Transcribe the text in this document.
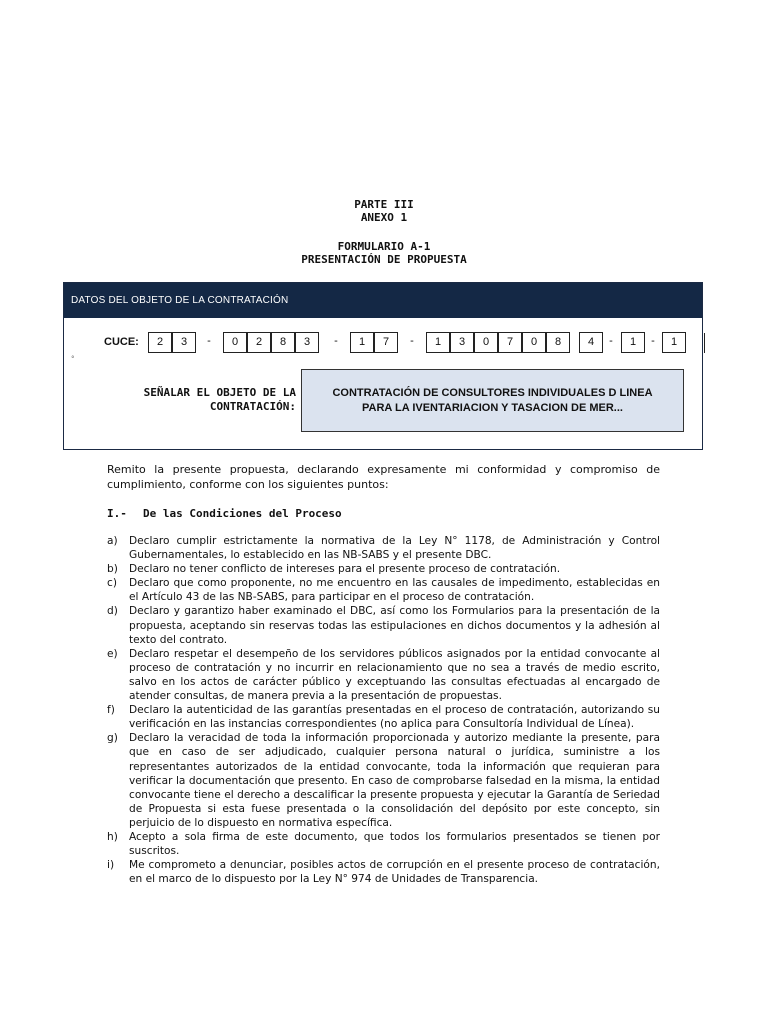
PARTE III
ANEXO 1
FORMULARIO A-1
PRESENTACIÓN DE PROPUESTA
DATOS DEL OBJETO DE LA CONTRATACIÓN
CUCE:	2	3	-	0	2	8	3	-	1	7	-	1	3	0	7	0	8	4	-	1	-	1
°
SEÑALAR EL OBJETO DE LA
CONTRATACIÓN:
CONTRATACIÓN DE CONSULTORES INDIVIDUALES D LINEA
PARA LA IVENTARIACION Y TASACION DE MER...
Remito la presente propuesta, declarando expresamente mi conformidad y compromiso de cumplimiento, conforme con los siguientes puntos:
I.- De las Condiciones del Proceso
a)	Declaro cumplir estrictamente la normativa de la Ley N° 1178, de Administración y Control Gubernamentales, lo establecido en las NB-SABS y el presente DBC.
b)	Declaro no tener conflicto de intereses para el presente proceso de contratación.
c)	Declaro que como proponente, no me encuentro en las causales de impedimento, establecidas en el Artículo 43 de las NB-SABS, para participar en el proceso de contratación.
d)	Declaro y garantizo haber examinado el DBC, así como los Formularios para la presentación de la propuesta, aceptando sin reservas todas las estipulaciones en dichos documentos y la adhesión al texto del contrato.
e)	Declaro respetar el desempeño de los servidores públicos asignados por la entidad convocante al proceso de contratación y no incurrir en relacionamiento que no sea a través de medio escrito, salvo en los actos de carácter público y exceptuando las consultas efectuadas al encargado de atender consultas, de manera previa a la presentación de propuestas.
f)	Declaro la autenticidad de las garantías presentadas en el proceso de contratación, autorizando su verificación en las instancias correspondientes (no aplica para Consultoría Individual de Línea).
g)	Declaro la veracidad de toda la información proporcionada y autorizo mediante la presente, para que en caso de ser adjudicado, cualquier persona natural o jurídica, suministre a los representantes autorizados de la entidad convocante, toda la información que requieran para verificar la documentación que presento. En caso de comprobarse falsedad en la misma, la entidad convocante tiene el derecho a descalificar la presente propuesta y ejecutar la Garantía de Seriedad de Propuesta si esta fuese presentada o la consolidación del depósito por este concepto, sin perjuicio de lo dispuesto en normativa específica.
h)	Acepto a sola firma de este documento, que todos los formularios presentados se tienen por suscritos.
i)	Me comprometo a denunciar, posibles actos de corrupción en el presente proceso de contratación, en el marco de lo dispuesto por la Ley N° 974 de Unidades de Transparencia.
